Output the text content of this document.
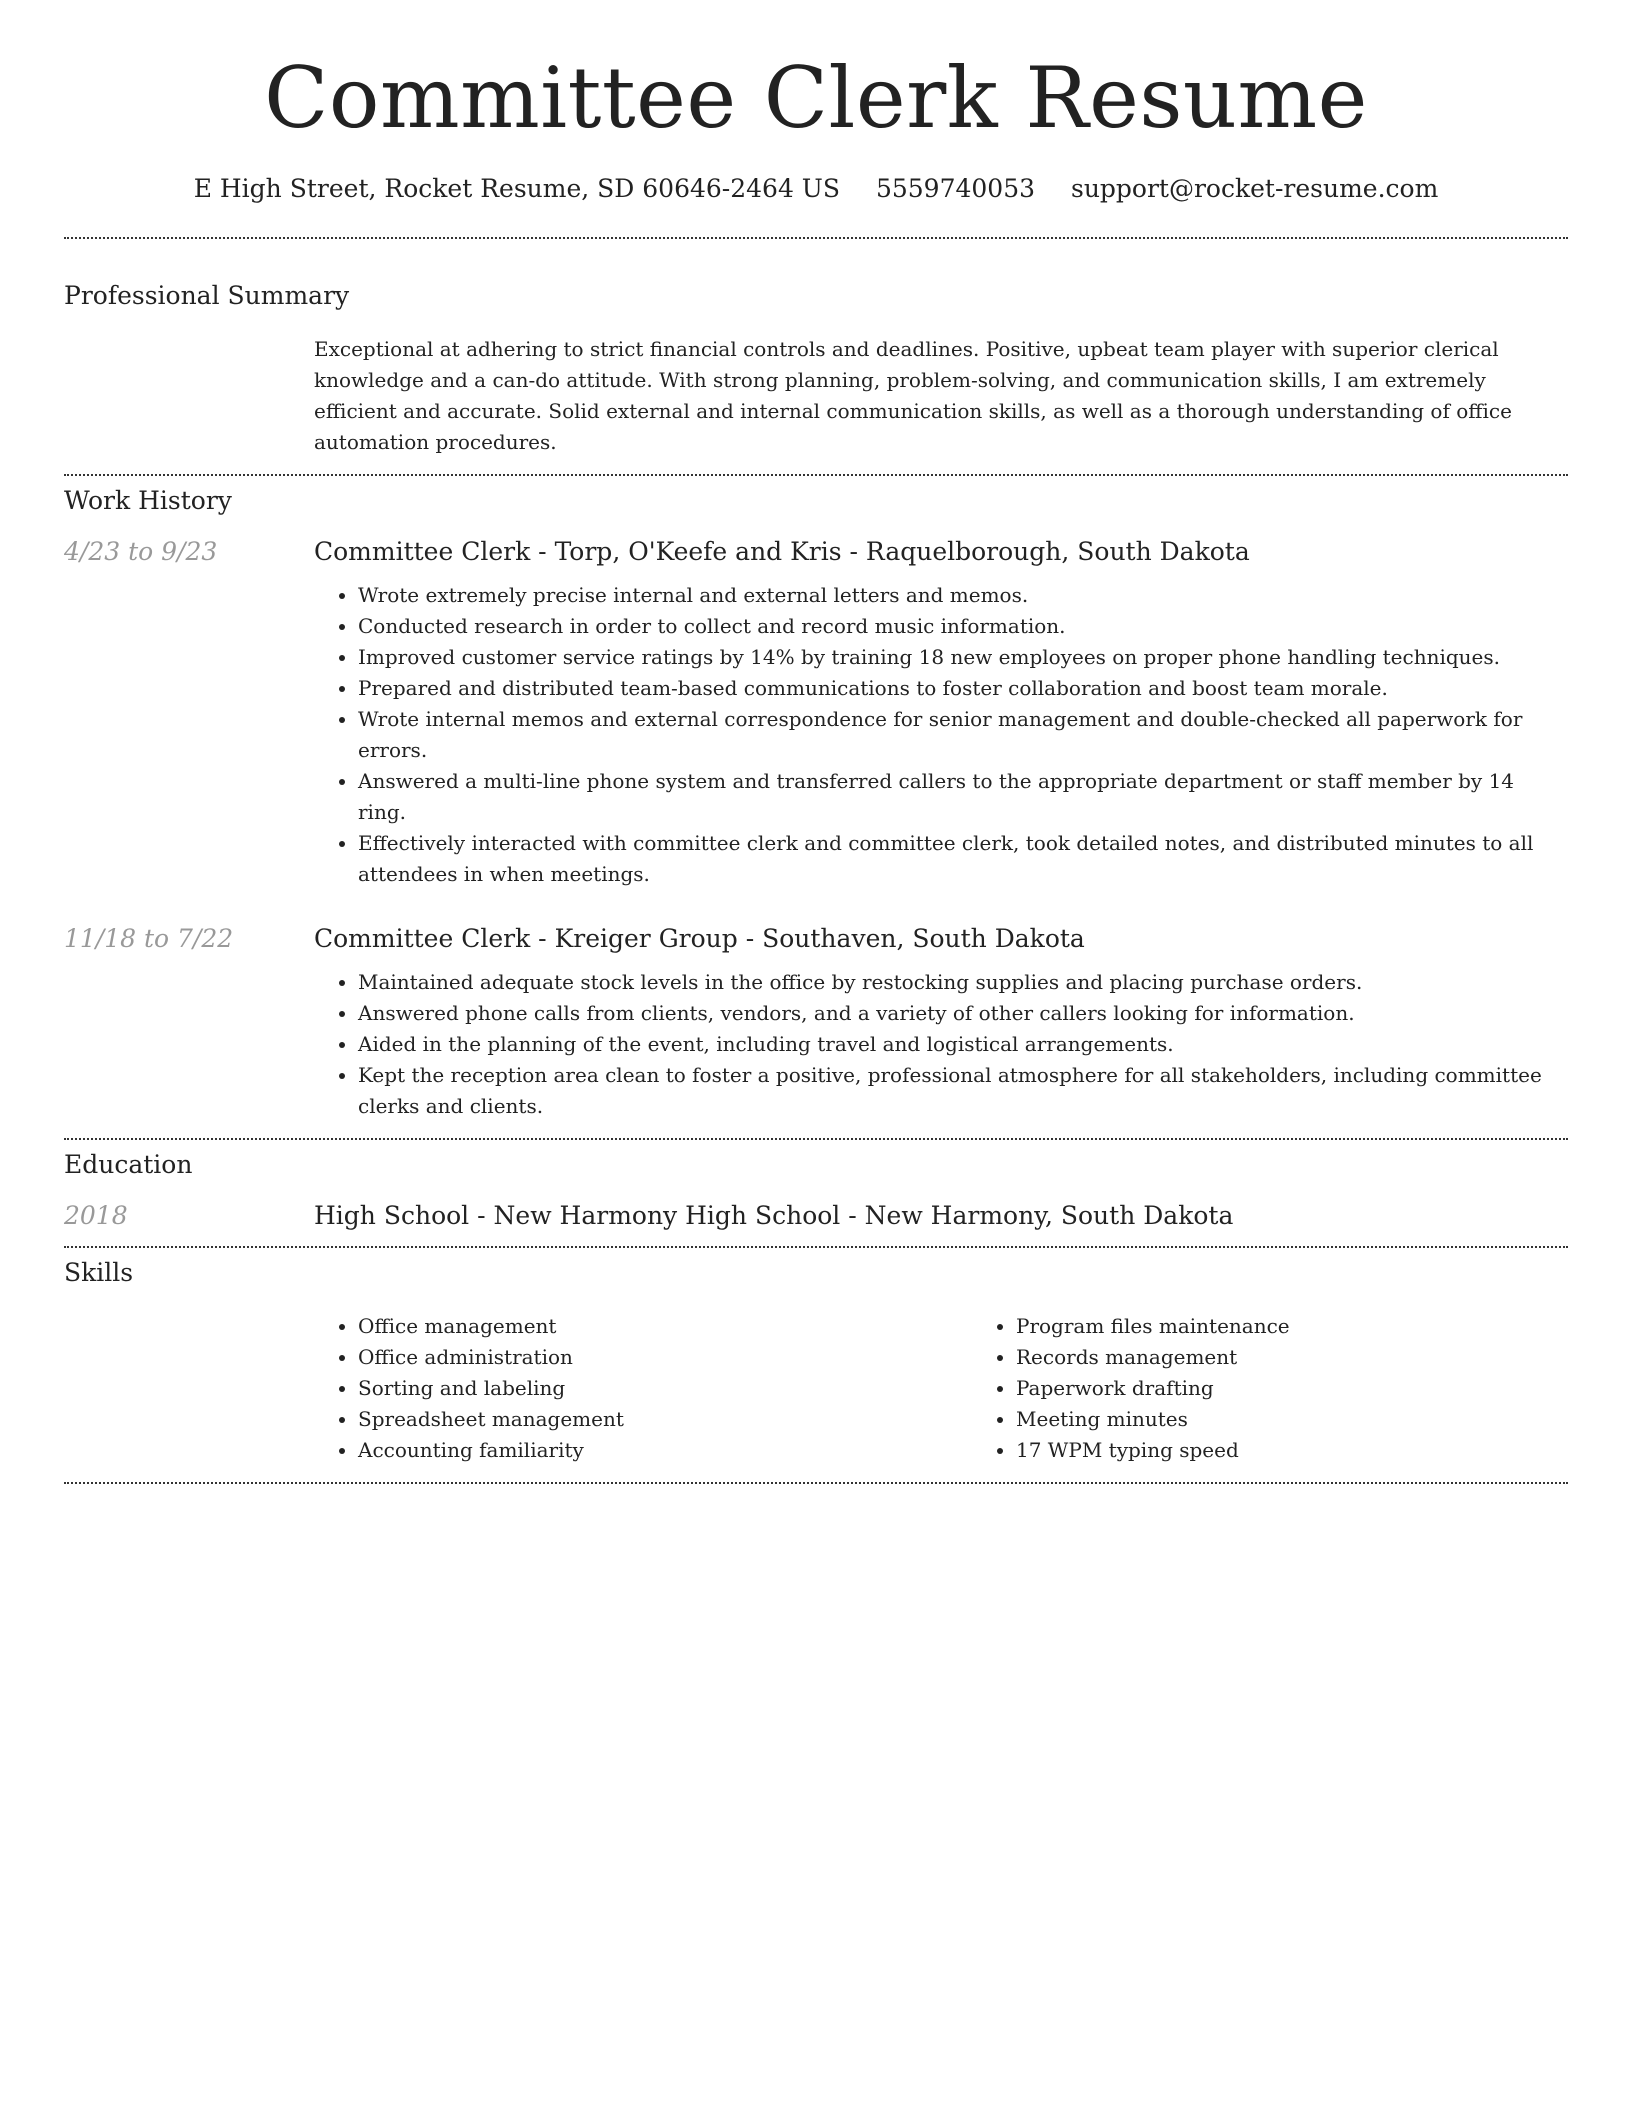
Committee Clerk Resume
E High Street, Rocket Resume, SD 60646-2464 US 5559740053 support@rocket-resume.com
Professional Summary
Exceptional at adhering to strict financial controls and deadlines. Positive, upbeat team player with superior clerical knowledge and a can-do attitude. With strong planning, problem-solving, and communication skills, I am extremely efficient and accurate. Solid external and internal communication skills, as well as a thorough understanding of office automation procedures.
Work History
4/23 to 9/23	Committee Clerk - Torp, O'Keefe and Kris - Raquelborough, South Dakota
• Wrote extremely precise internal and external letters and memos.
• Conducted research in order to collect and record music information.
• Improved customer service ratings by 14% by training 18 new employees on proper phone handling techniques.
• Prepared and distributed team-based communications to foster collaboration and boost team morale.
• Wrote internal memos and external correspondence for senior management and double-checked all paperwork for errors.
• Answered a multi-line phone system and transferred callers to the appropriate department or staff member by 14 ring.
• Effectively interacted with committee clerk and committee clerk, took detailed notes, and distributed minutes to all attendees in when meetings.
11/18 to 7/22	Committee Clerk - Kreiger Group - Southaven, South Dakota
• Maintained adequate stock levels in the office by restocking supplies and placing purchase orders.
• Answered phone calls from clients, vendors, and a variety of other callers looking for information.
• Aided in the planning of the event, including travel and logistical arrangements.
• Kept the reception area clean to foster a positive, professional atmosphere for all stakeholders, including committee clerks and clients.
Education
2018	High School - New Harmony High School - New Harmony, South Dakota
Skills
• Office management
• Office administration
• Sorting and labeling
• Spreadsheet management
• Accounting familiarity
• Program files maintenance
• Records management
• Paperwork drafting
• Meeting minutes
• 17 WPM typing speed
